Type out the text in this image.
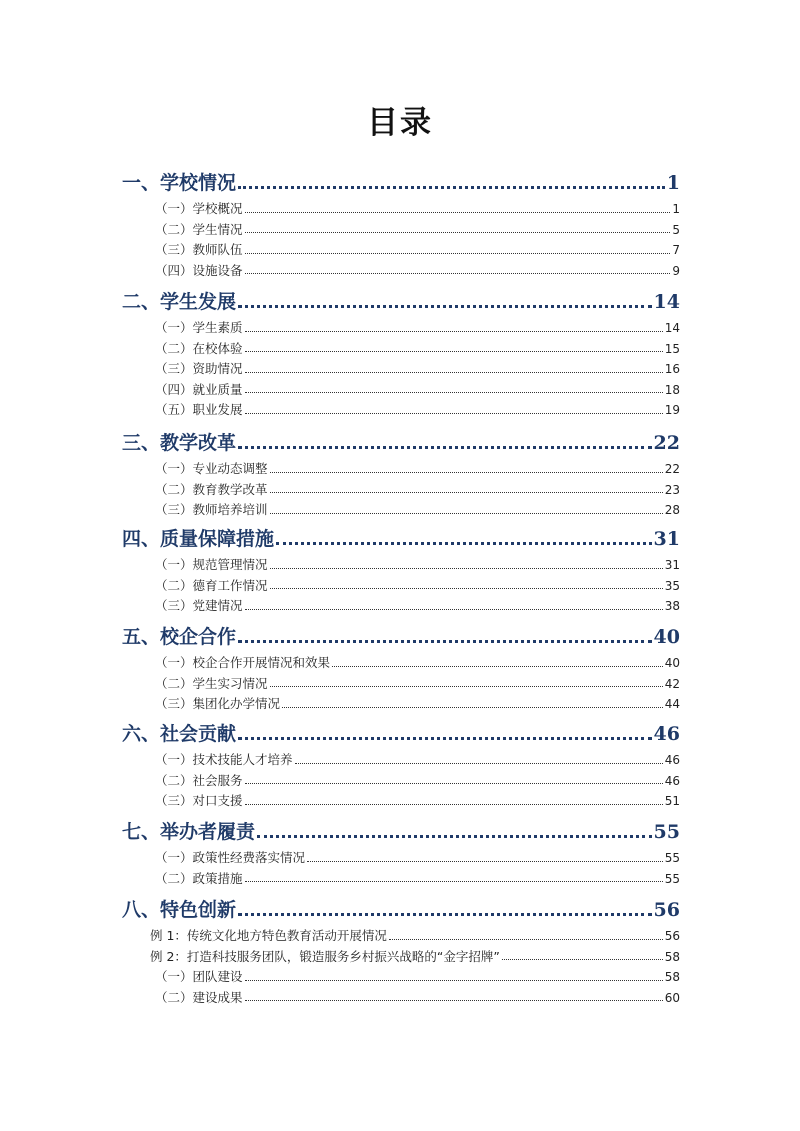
目录
一、学校情况	1
（一）学校概况	1
（二）学生情况	5
（三）教师队伍	7
（四）设施设备	9
二、学生发展	14
（一）学生素质	14
（二）在校体验	15
（三）资助情况	16
（四）就业质量	18
（五）职业发展	19
三、教学改革	22
（一）专业动态调整	22
（二）教育教学改革	23
（三）教师培养培训	28
四、质量保障措施	31
（一）规范管理情况	31
（二）德育工作情况	35
（三）党建情况	38
五、校企合作	40
（一）校企合作开展情况和效果	40
（二）学生实习情况	42
（三）集团化办学情况	44
六、社会贡献	46
（一）技术技能人才培养	46
（二）社会服务	46
（三）对口支援	51
七、举办者履责	55
（一）政策性经费落实情况	55
（二）政策措施	55
八、特色创新	56
例 1：传统文化地方特色教育活动开展情况	56
例 2：打造科技服务团队，锻造服务乡村振兴战略的“金字招牌”	58
（一）团队建设	58
（二）建设成果	60
